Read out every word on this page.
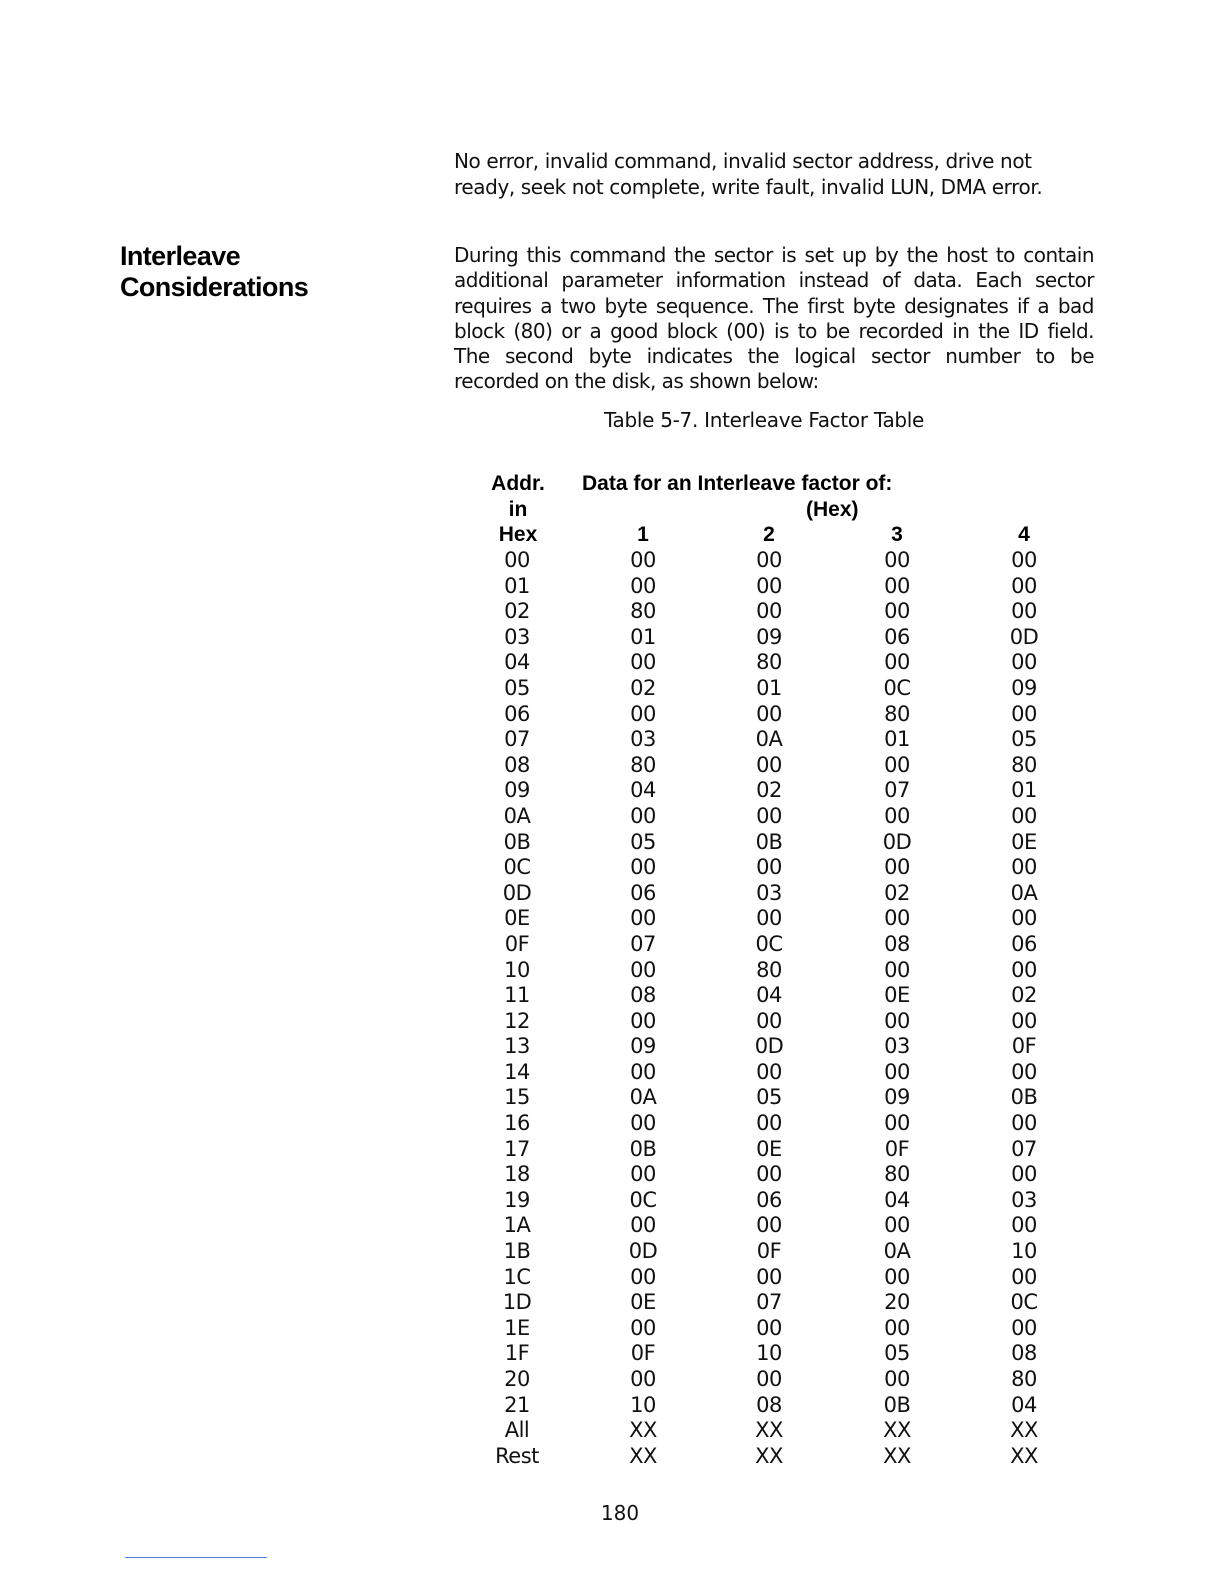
No error, invalid command, invalid sector address, drive not ready, seek not complete, write fault, invalid LUN, DMA error.
Interleave
Considerations
During this command the sector is set up by the host to contain additional parameter information instead of data. Each sector requires a two byte sequence. The first byte designates if a bad block (80) or a good block (00) is to be recorded in the ID field. The second byte indicates the logical sector number to be recorded on the disk, as shown below:
Table 5-7. Interleave Factor Table
Addr.
in
Hex
Data for an Interleave factor of:
(Hex)
1	2	3	4
00	00	00	00	00
01	00	00	00	00
02	80	00	00	00
03	01	09	06	0D
04	00	80	00	00
05	02	01	0C	09
06	00	00	80	00
07	03	0A	01	05
08	80	00	00	80
09	04	02	07	01
0A	00	00	00	00
0B	05	0B	0D	0E
0C	00	00	00	00
0D	06	03	02	0A
0E	00	00	00	00
0F	07	0C	08	06
10	00	80	00	00
11	08	04	0E	02
12	00	00	00	00
13	09	0D	03	0F
14	00	00	00	00
15	0A	05	09	0B
16	00	00	00	00
17	0B	0E	0F	07
18	00	00	80	00
19	0C	06	04	03
1A	00	00	00	00
1B	0D	0F	0A	10
1C	00	00	00	00
1D	0E	07	20	0C
1E	00	00	00	00
1F	0F	10	05	08
20	00	00	00	80
21	10	08	0B	04
All	XX	XX	XX	XX
Rest	XX	XX	XX	XX
180
